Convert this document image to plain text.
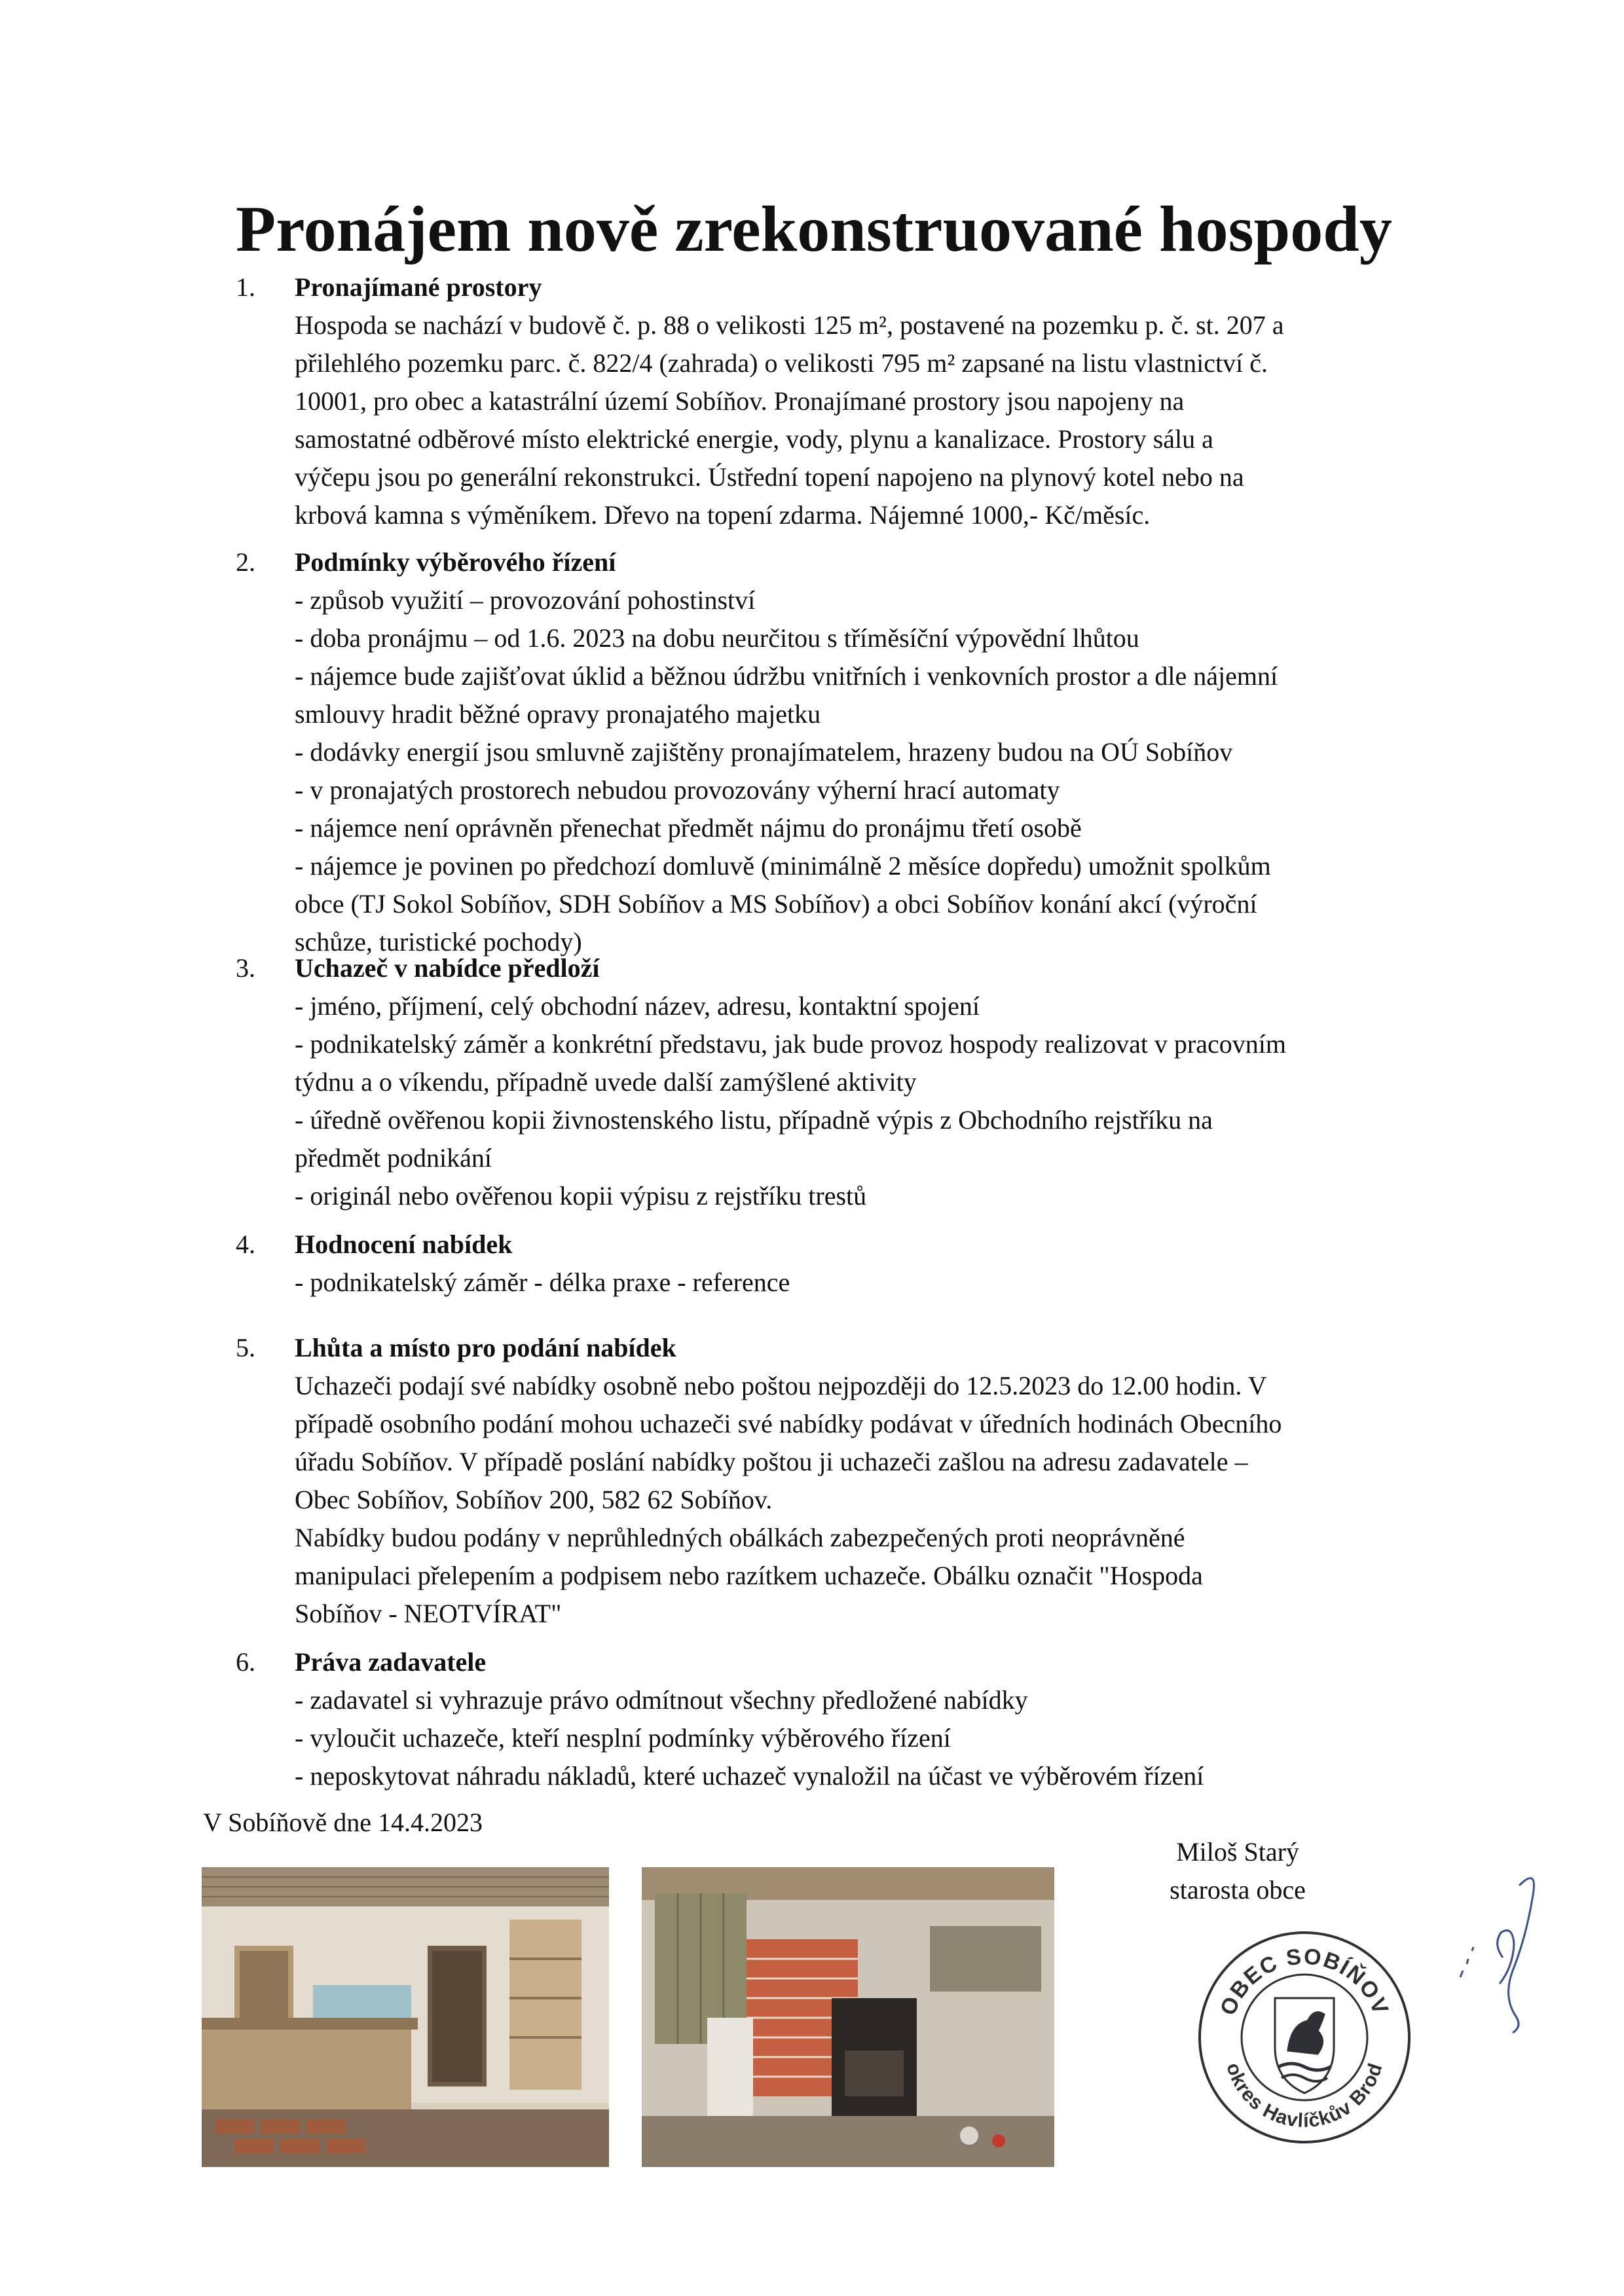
Pronájem nově zrekonstruované hospody
1.	Pronajímané prostory

Hospoda se nachází v budově č. p. 88 o velikosti 125 m², postavené na pozemku p. č. st. 207 a

přilehlého pozemku parc. č. 822/4 (zahrada) o velikosti 795 m² zapsané na listu vlastnictví č.

10001, pro obec a katastrální území Sobíňov. Pronajímané prostory jsou napojeny na

samostatné odběrové místo elektrické energie, vody, plynu a kanalizace. Prostory sálu a

výčepu jsou po generální rekonstrukci. Ústřední topení napojeno na plynový kotel nebo na

krbová kamna s výměníkem. Dřevo na topení zdarma. Nájemné 1000,- Kč/měsíc.

2.	Podmínky výběrového řízení

- způsob využití – provozování pohostinství

- doba pronájmu – od 1.6. 2023 na dobu neurčitou s tříměsíční výpovědní lhůtou

- nájemce bude zajišťovat úklid a běžnou údržbu vnitřních i venkovních prostor a dle nájemní

smlouvy hradit běžné opravy pronajatého majetku

- dodávky energií jsou smluvně zajištěny pronajímatelem, hrazeny budou na OÚ Sobíňov

- v pronajatých prostorech nebudou provozovány výherní hrací automaty

- nájemce není oprávněn přenechat předmět nájmu do pronájmu třetí osobě

- nájemce je povinen po předchozí domluvě (minimálně 2 měsíce dopředu) umožnit spolkům

obce (TJ Sokol Sobíňov, SDH Sobíňov a MS Sobíňov) a obci Sobíňov konání akcí (výroční

schůze, turistické pochody)

3.	Uchazeč v nabídce předloží

- jméno, příjmení, celý obchodní název, adresu, kontaktní spojení

- podnikatelský záměr a konkrétní představu, jak bude provoz hospody realizovat v pracovním

týdnu a o víkendu, případně uvede další zamýšlené aktivity

- úředně ověřenou kopii živnostenského listu, případně výpis z Obchodního rejstříku na

předmět podnikání

- originál nebo ověřenou kopii výpisu z rejstříku trestů

4.	Hodnocení nabídek

- podnikatelský záměr - délka praxe - reference

5.	Lhůta a místo pro podání nabídek

Uchazeči podají své nabídky osobně nebo poštou nejpozději do 12.5.2023 do 12.00 hodin. V

případě osobního podání mohou uchazeči své nabídky podávat v úředních hodinách Obecního

úřadu Sobíňov. V případě poslání nabídky poštou ji uchazeči zašlou na adresu zadavatele –

Obec Sobíňov, Sobíňov 200, 582 62 Sobíňov.

Nabídky budou podány v neprůhledných obálkách zabezpečených proti neoprávněné

manipulaci přelepením a podpisem nebo razítkem uchazeče. Obálku označit "Hospoda

Sobíňov - NEOTVÍRAT"

6.	Práva zadavatele

- zadavatel si vyhrazuje právo odmítnout všechny předložené nabídky

- vyloučit uchazeče, kteří nesplní podmínky výběrového řízení

- neposkytovat náhradu nákladů, které uchazeč vynaložil na účast ve výběrovém řízení

V Sobíňově dne 14.4.2023
Miloš Starý
starosta obce
OBEC SOBÍŇOV
okres Havlíčkův Brod
